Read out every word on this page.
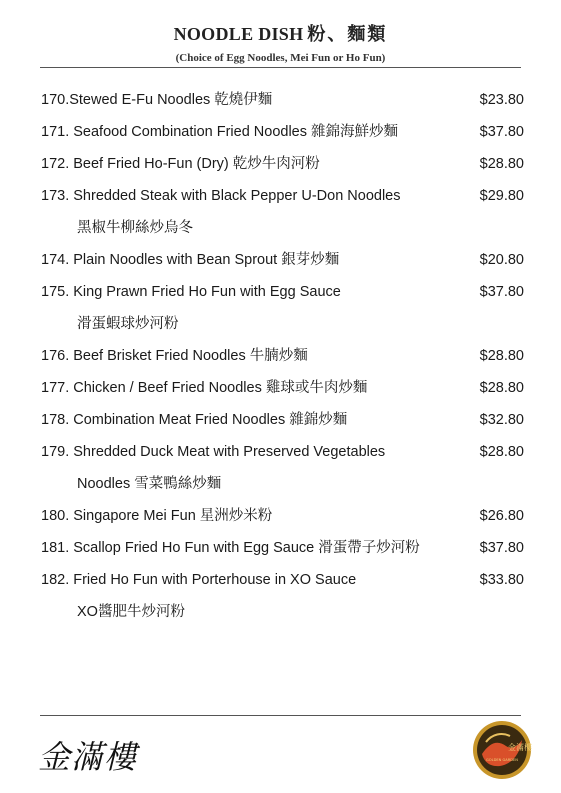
NOODLE DISH 粉、麵類
(Choice of Egg Noodles, Mei Fun or Ho Fun)
170.Stewed E-Fu Noodles 乾燒伊麵	$23.80
171. Seafood Combination Fried Noodles 雜錦海鮮炒麵	$37.80
172. Beef Fried Ho-Fun (Dry) 乾炒牛肉河粉	$28.80
173. Shredded Steak with Black Pepper U-Don Noodles	$29.80
黑椒牛柳絲炒烏冬
174. Plain Noodles with Bean Sprout 銀芽炒麵	$20.80
175. King Prawn Fried Ho Fun with Egg Sauce	$37.80
滑蛋蝦球炒河粉
176. Beef Brisket Fried Noodles 牛腩炒麵	$28.80
177. Chicken / Beef Fried Noodles 雞球或牛肉炒麵	$28.80
178. Combination Meat Fried Noodles 雜錦炒麵	$32.80
179. Shredded Duck Meat with Preserved Vegetables	$28.80
Noodles 雪菜鴨絲炒麵
180. Singapore Mei Fun 星洲炒米粉	$26.80
181. Scallop Fried Ho Fun with Egg Sauce 滑蛋帶子炒河粉	$37.80
182. Fried Ho Fun with Porterhouse in XO Sauce	$33.80
XO醬肥牛炒河粉
金滿樓	金滿樓
GOLDEN GARDEN
